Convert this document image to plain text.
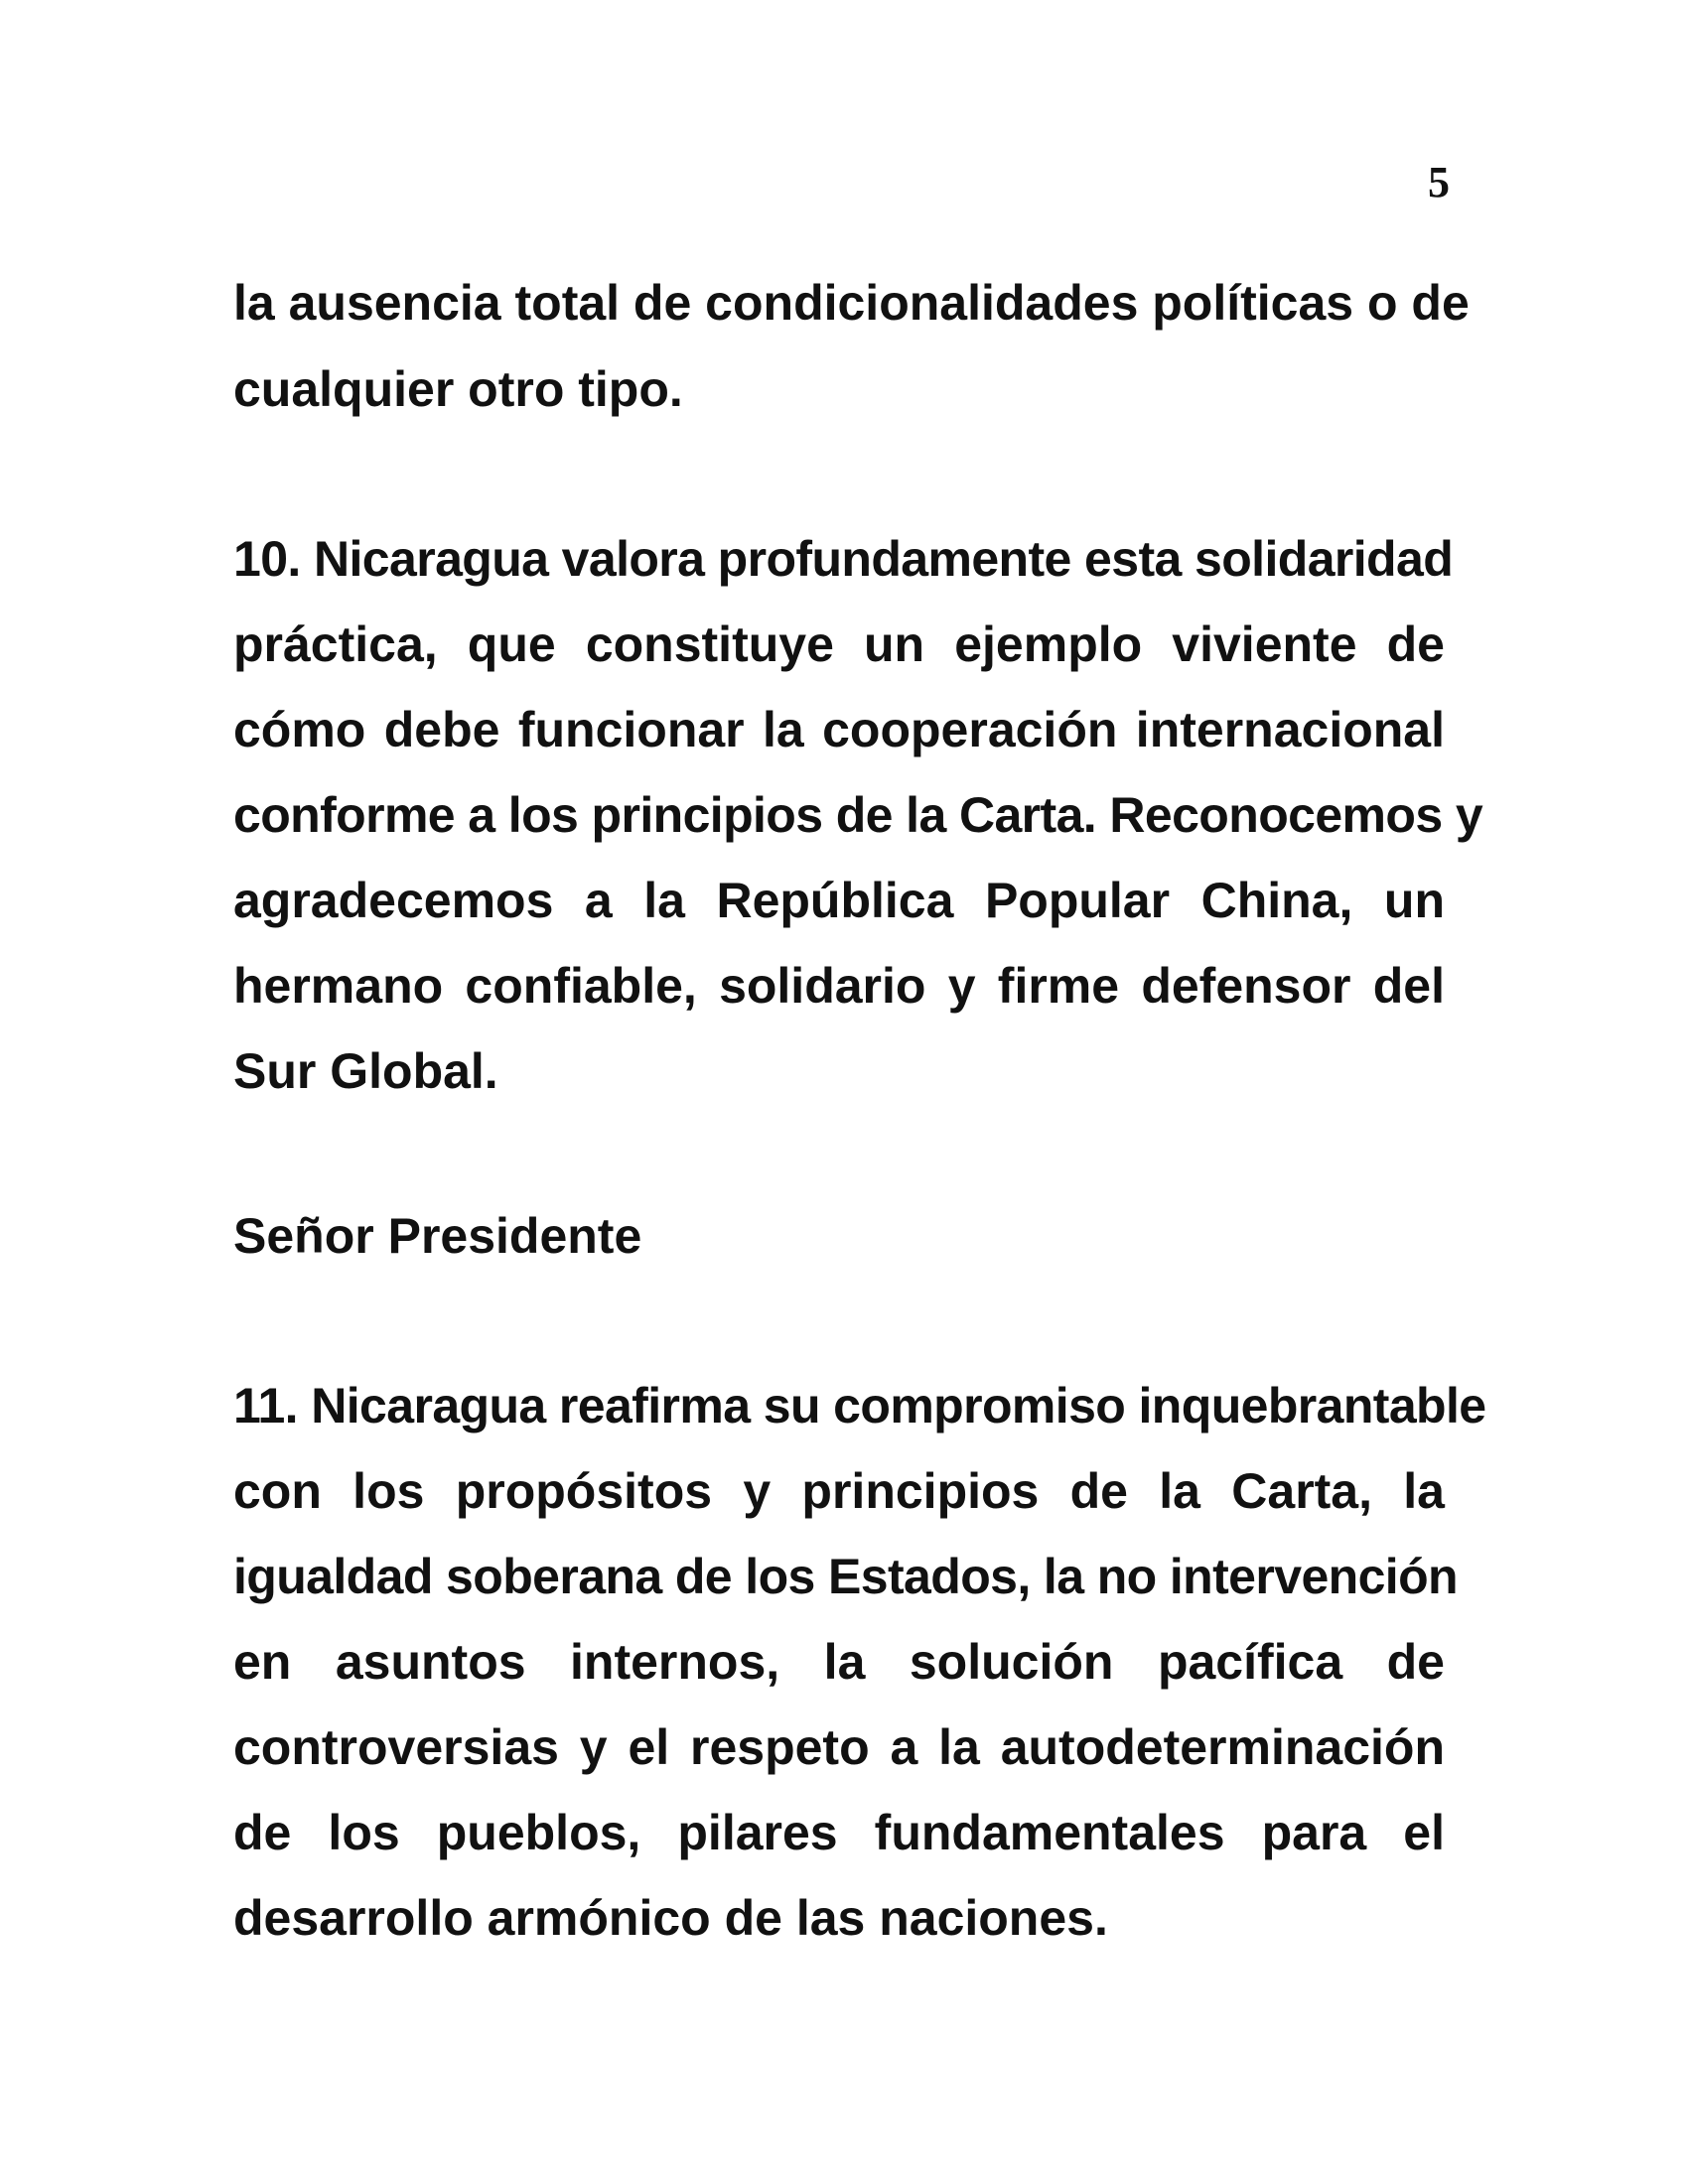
5
la ausencia total de condicionalidades políticas o de
cualquier otro tipo.
10. Nicaragua valora profundamente esta solidaridad
práctica, que constituye un ejemplo viviente de
cómo debe funcionar la cooperación internacional
conforme a los principios de la Carta. Reconocemos y
agradecemos a la República Popular China, un
hermano confiable, solidario y firme defensor del
Sur Global.
Señor Presidente
11. Nicaragua reafirma su compromiso inquebrantable
con los propósitos y principios de la Carta, la
igualdad soberana de los Estados, la no intervención
en asuntos internos, la solución pacífica de
controversias y el respeto a la autodeterminación
de los pueblos, pilares fundamentales para el
desarrollo armónico de las naciones.
